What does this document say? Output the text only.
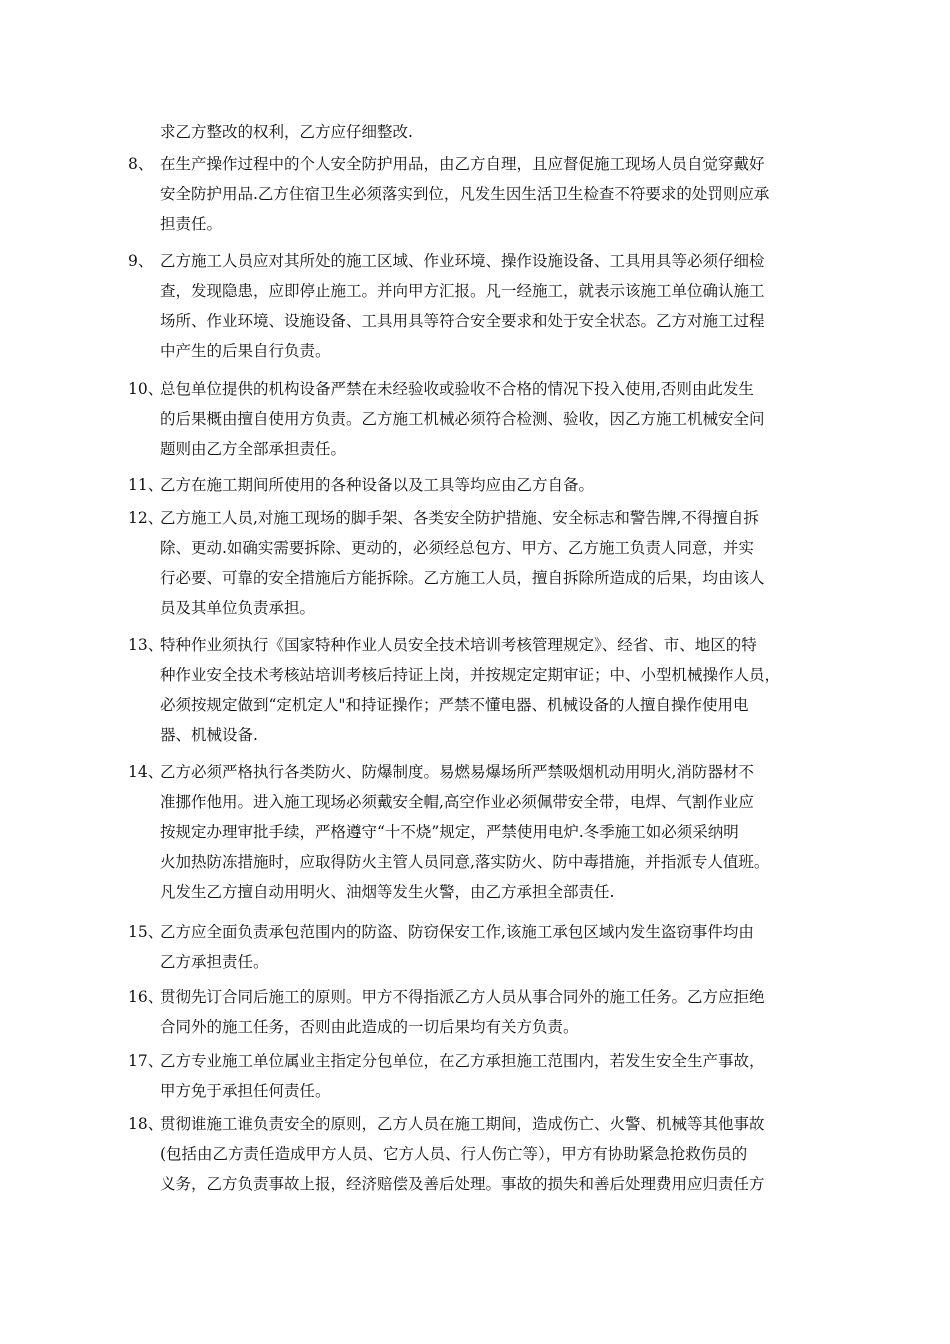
求乙方整改的权利，乙方应仔细整改.
8、 在生产操作过程中的个人安全防护用品，由乙方自理，且应督促施工现场人员自觉穿戴好
安全防护用品.乙方住宿卫生必须落实到位，凡发生因生活卫生检查不符要求的处罚则应承
担责任。
9、 乙方施工人员应对其所处的施工区域、作业环境、操作设施设备、工具用具等必须仔细检
查，发现隐患，应即停止施工。并向甲方汇报。凡一经施工，就表示该施工单位确认施工
场所、作业环境、设施设备、工具用具等符合安全要求和处于安全状态。乙方对施工过程
中产生的后果自行负责。
10、
总包单位提供的机构设备严禁在未经验收或验收不合格的情况下投入使用,否则由此发生
的后果概由擅自使用方负责。乙方施工机械必须符合检测、验收，因乙方施工机械安全问
题则由乙方全部承担责任。
11、
乙方在施工期间所使用的各种设备以及工具等均应由乙方自备。
12、
乙方施工人员,对施工现场的脚手架、各类安全防护措施、安全标志和警告牌,不得擅自拆
除、更动.如确实需要拆除、更动的，必须经总包方、甲方、乙方施工负责人同意，并实
行必要、可靠的安全措施后方能拆除。乙方施工人员，擅自拆除所造成的后果，均由该人
员及其单位负责承担。
13、
特种作业须执行《国家特种作业人员安全技术培训考核管理规定》、经省、市、地区的特
种作业安全技术考核站培训考核后持证上岗，并按规定定期审证；中、小型机械操作人员，
必须按规定做到“定机定人"和持证操作；严禁不懂电器、机械设备的人擅自操作使用电
器、机械设备.
14、
乙方必须严格执行各类防火、防爆制度。易燃易爆场所严禁吸烟机动用明火,消防器材不
准挪作他用。进入施工现场必须戴安全帽,高空作业必须佩带安全带，电焊、气割作业应
按规定办理审批手续，严格遵守“十不烧”规定，严禁使用电炉.冬季施工如必须采纳明
火加热防冻措施时，应取得防火主管人员同意,落实防火、防中毒措施，并指派专人值班。
凡发生乙方擅自动用明火、油烟等发生火警，由乙方承担全部责任.
15、
乙方应全面负责承包范围内的防盗、防窃保安工作,该施工承包区域内发生盗窃事件均由
乙方承担责任。
16、
贯彻先订合同后施工的原则。甲方不得指派乙方人员从事合同外的施工任务。乙方应拒绝
合同外的施工任务，否则由此造成的一切后果均有关方负责。
17、
乙方专业施工单位属业主指定分包单位，在乙方承担施工范围内，若发生安全生产事故，
甲方免于承担任何责任。
18、
贯彻谁施工谁负责安全的原则，乙方人员在施工期间，造成伤亡、火警、机械等其他事故
(包括由乙方责任造成甲方人员、它方人员、行人伤亡等），甲方有协助紧急抢救伤员的
义务，乙方负责事故上报，经济赔偿及善后处理。事故的损失和善后处理费用应归责任方
